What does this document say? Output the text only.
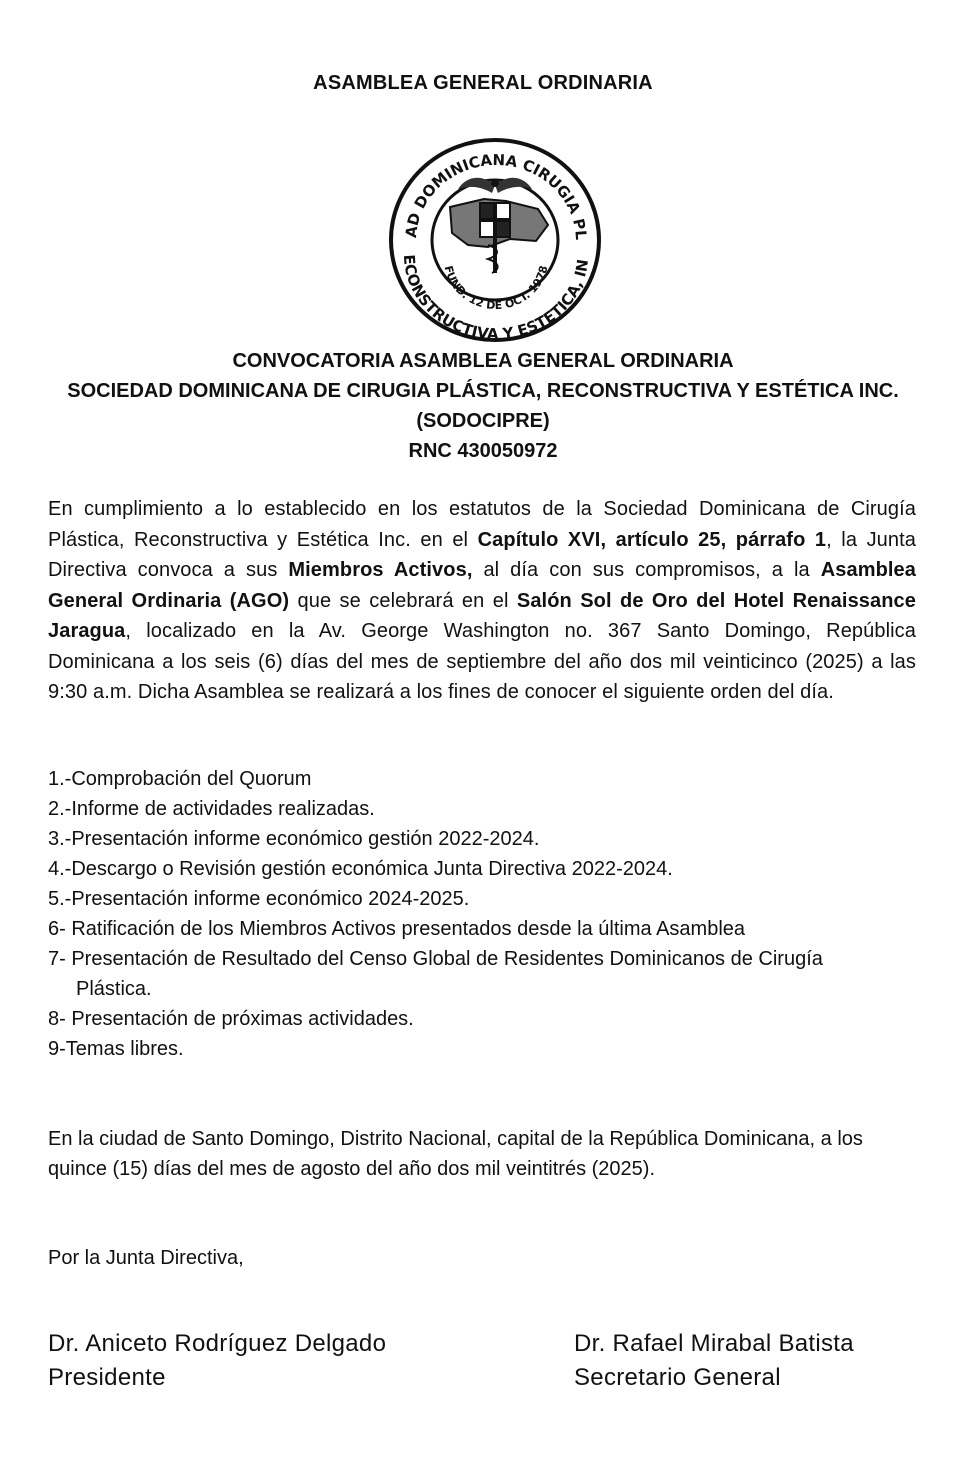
ASAMBLEA GENERAL ORDINARIA
AD DOMINICANA CIRUGIA PL
ECONSTRUCTIVA Y ESTETICA, IN
FUND. 12 DE OCT. 1978
CONVOCATORIA ASAMBLEA GENERAL ORDINARIA
SOCIEDAD DOMINICANA DE CIRUGIA PLÁSTICA, RECONSTRUCTIVA Y ESTÉTICA INC.
(SODOCIPRE)
RNC 430050972
En cumplimiento a lo establecido en los estatutos de la Sociedad Dominicana de Cirugía Plástica, Reconstructiva y Estética Inc. en el Capítulo XVI, artículo 25, párrafo 1, la Junta Directiva convoca a sus Miembros Activos, al día con sus compromisos, a la Asamblea General Ordinaria (AGO) que se celebrará en el Salón Sol de Oro del Hotel Renaissance Jaragua, localizado en la Av. George Washington no. 367 Santo Domingo, República Dominicana a los seis (6) días del mes de septiembre del año dos mil veinticinco (2025) a las 9:30 a.m. Dicha Asamblea se realizará a los fines de conocer el siguiente orden del día.
1.-Comprobación del Quorum
2.-Informe de actividades realizadas.
3.-Presentación informe económico gestión 2022-2024.
4.-Descargo o Revisión gestión económica Junta Directiva 2022-2024.
5.-Presentación informe económico 2024-2025.
6- Ratificación de los Miembros Activos presentados desde la última Asamblea
7- Presentación de Resultado del Censo Global de Residentes Dominicanos de Cirugía
Plástica.
8- Presentación de próximas actividades.
9-Temas libres.
En la ciudad de Santo Domingo, Distrito Nacional, capital de la República Dominicana, a los quince (15) días del mes de agosto del año dos mil veintitrés (2025).
Por la Junta Directiva,
Dr. Aniceto Rodríguez Delgado
Presidente
Dr. Rafael Mirabal Batista
Secretario General
